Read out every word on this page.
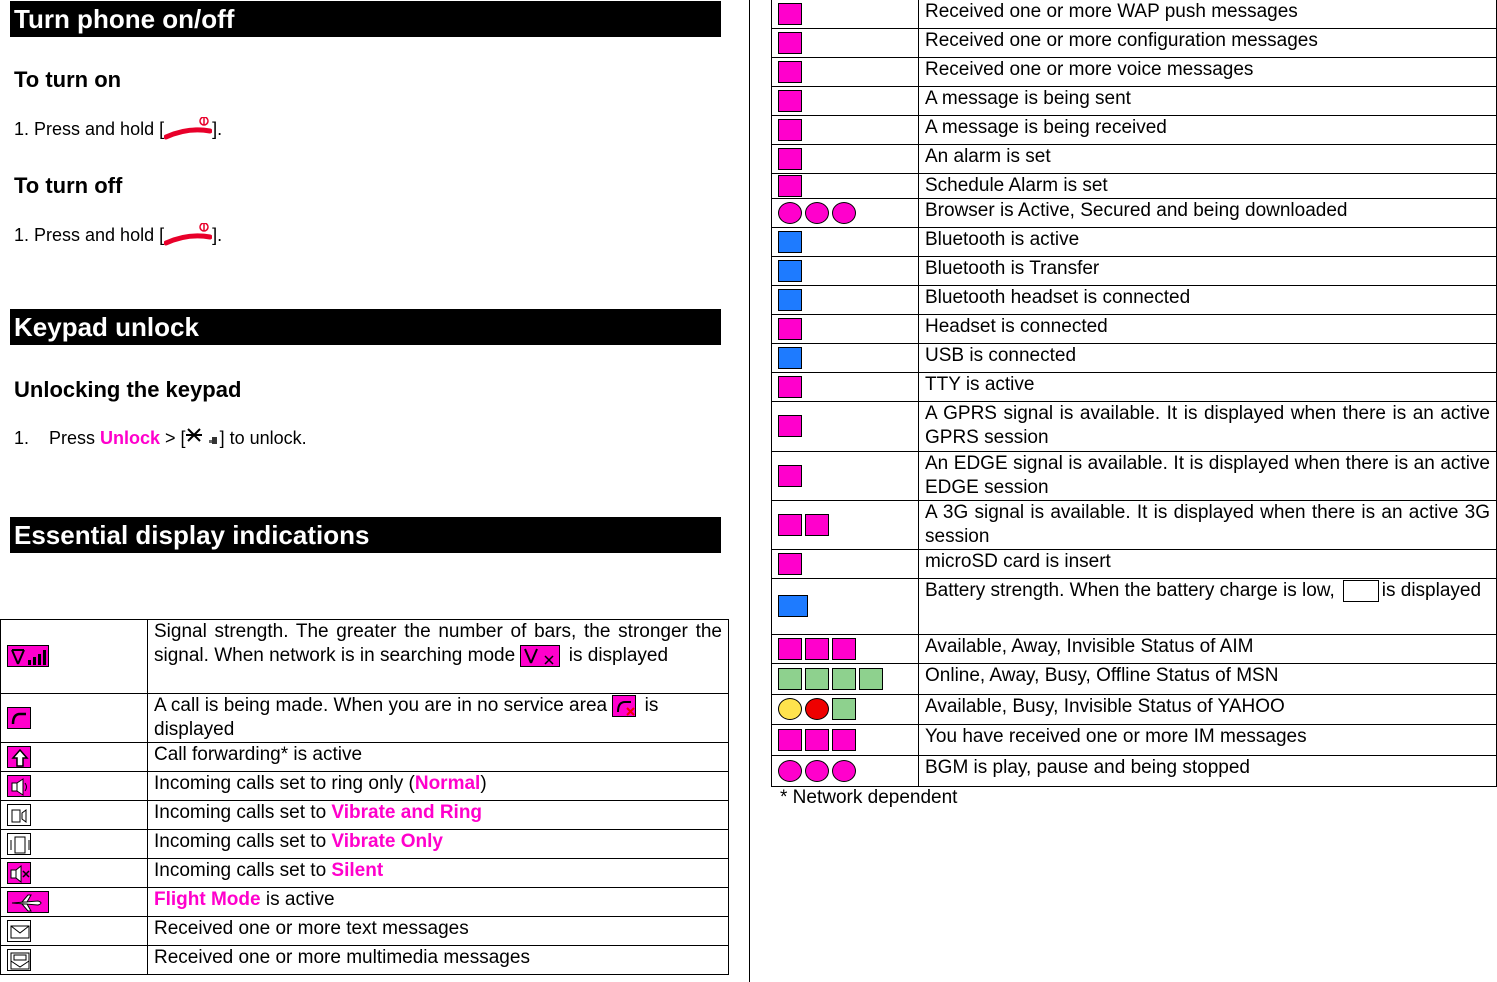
Turn phone on/off
To turn on
1. Press and hold [	].
To turn off
1. Press and hold [	].
Keypad unlock
Unlocking the keypad
1.    Press Unlock > [ ] to unlock.
Essential display indications
	Signal strength. The greater the number of bars, the stronger the signal. When network is in searching mode is displayed

	A call is being made. When you are in no service area
is displayed

	Call forwarding* is active

	Incoming calls set to ring only (Normal)

	Incoming calls set to Vibrate and Ring

	Incoming calls set to Vibrate Only

	Incoming calls set to Silent

	Flight Mode is active

	Received one or more text messages

	Received one or more multimedia messages
	Received one or more WAP push messages
	Received one or more configuration messages
	Received one or more voice messages
	A message is being sent
	A message is being received
	An alarm is set
	Schedule Alarm is set
	Browser is Active, Secured and being downloaded
	Bluetooth is active
	Bluetooth is Transfer
	Bluetooth headset is connected
	Headset is connected
	USB is connected
	TTY is active
	A GPRS signal is available. It is displayed when there is an active GPRS session
	An EDGE signal is available. It is displayed when there is an active EDGE session
	A 3G signal is available. It is displayed when there is an active 3G session
	microSD card is insert
	Battery strength. When the battery charge is low, is displayed
	Available, Away, Invisible Status of AIM
	Online, Away, Busy, Offline Status of MSN
	Available, Busy, Invisible Status of YAHOO
	You have received one or more IM messages
	BGM is play, pause and being stopped
* Network dependent
